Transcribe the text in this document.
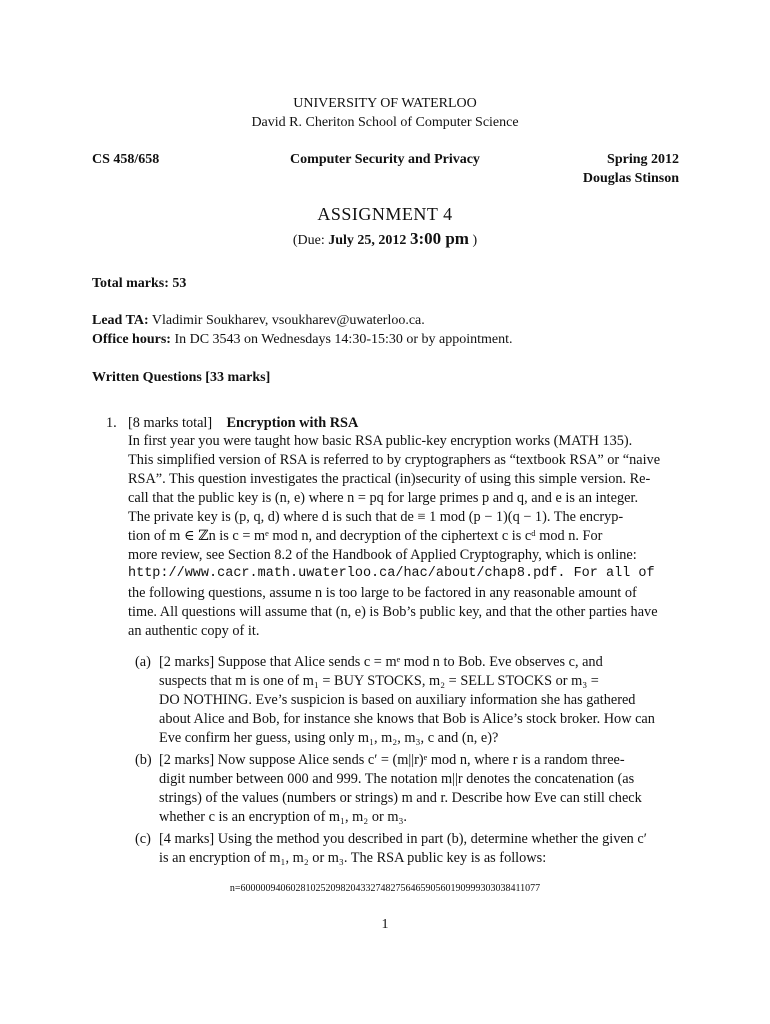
UNIVERSITY OF WATERLOO
David R. Cheriton School of Computer Science
CS 458/658	Computer Security and Privacy	Spring 2012
Douglas Stinson
ASSIGNMENT 4
(Due: July 25, 2012 3:00 pm )
Total marks: 53
Lead TA: Vladimir Soukharev, vsoukharev@uwaterloo.ca.
Office hours: In DC 3543 on Wednesdays 14:30-15:30 or by appointment.
Written Questions [33 marks]
1. [8 marks total] Encryption with RSA
In first year you were taught how basic RSA public-key encryption works (MATH 135).
This simplified version of RSA is referred to by cryptographers as “textbook RSA” or “naive
RSA”. This question investigates the practical (in)security of using this simple version. Re-
call that the public key is (n, e) where n = pq for large primes p and q, and e is an integer.
The private key is (p, q, d) where d is such that de ≡ 1 mod (p − 1)(q − 1). The encryp-
tion of m ∈ ℤn is c = mᵉ mod n, and decryption of the ciphertext c is cᵈ mod n. For
more review, see Section 8.2 of the Handbook of Applied Cryptography, which is online:
http://www.cacr.math.uwaterloo.ca/hac/about/chap8.pdf. For all of
the following questions, assume n is too large to be factored in any reasonable amount of
time. All questions will assume that (n, e) is Bob’s public key, and that the other parties have
an authentic copy of it.
(a) [2 marks] Suppose that Alice sends c = mᵉ mod n to Bob. Eve observes c, and
suspects that m is one of m₁ = BUY STOCKS, m₂ = SELL STOCKS or m₃ =
DO NOTHING. Eve’s suspicion is based on auxiliary information she has gathered
about Alice and Bob, for instance she knows that Bob is Alice’s stock broker. How can
Eve confirm her guess, using only m₁, m₂, m₃, c and (n, e)?
(b) [2 marks] Now suppose Alice sends c′ = (m||r)ᵉ mod n, where r is a random three-
digit number between 000 and 999. The notation m||r denotes the concatenation (as
strings) of the values (numbers or strings) m and r. Describe how Eve can still check
whether c is an encryption of m₁, m₂ or m₃.
(c) [4 marks] Using the method you described in part (b), determine whether the given c′
is an encryption of m₁, m₂ or m₃. The RSA public key is as follows:
n=6000009406028102520982043327482756465905601909993030384110​77
1
